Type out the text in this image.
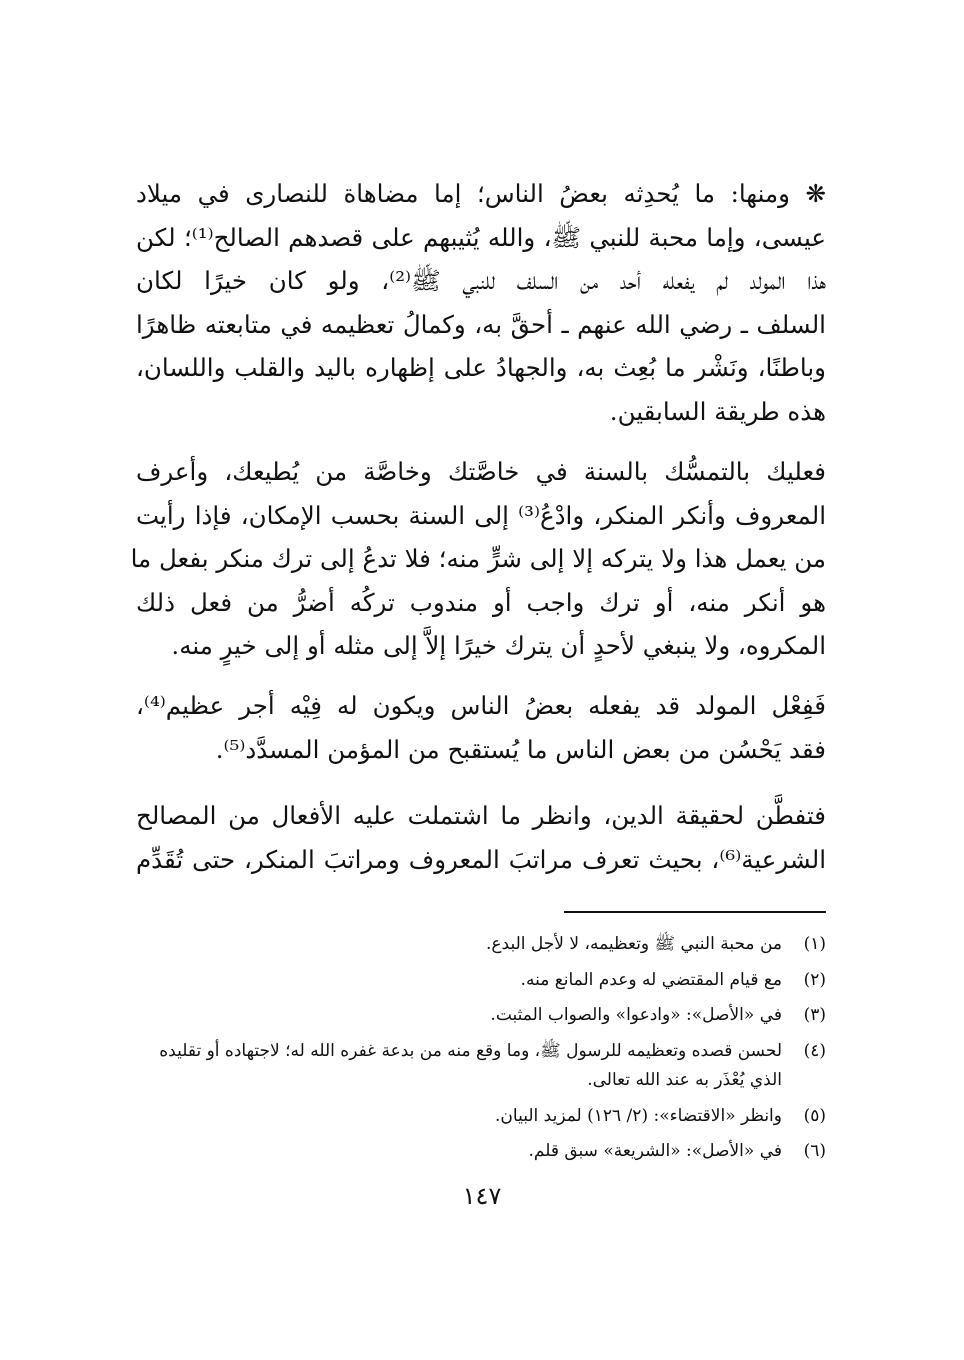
❋ ومنها: ما يُحدِثه بعضُ الناس؛ إما مضاهاة للنصارى في ميلاد
عيسى، وإما محبة للنبي ﷺ، والله يُثيبهم على قصدهم الصالح⁽¹⁾؛ لكن
هذا المولد لم يفعله أحد من السلف للنبي ﷺ⁽²⁾، ولو كان خيرًا لكان
السلف ـ رضي الله عنهم ـ أحقَّ به، وكمالُ تعظيمه في متابعته ظاهرًا
وباطنًا، ونَشْر ما بُعِث به، والجهادُ على إظهاره باليد والقلب واللسان،
هذه طريقة السابقين.

فعليك بالتمسُّك بالسنة في خاصَّتك وخاصَّة من يُطيعك، وأعرف
المعروف وأنكر المنكر، وادْعُ⁽³⁾ إلى السنة بحسب الإمكان، فإذا رأيت
من يعمل هذا ولا يتركه إلا إلى شرٍّ منه؛ فلا تدعُ إلى ترك منكر بفعل ما
هو أنكر منه، أو ترك واجب أو مندوب تركُه أضرُّ من فعل ذلك
المكروه، ولا ينبغي لأحدٍ أن يترك خيرًا إلاَّ إلى مثله أو إلى خيرٍ منه.

فَفِعْل المولد قد يفعله بعضُ الناس ويكون له فِيْه أجر عظيم⁽⁴⁾،
فقد يَحْسُن من بعض الناس ما يُستقبح من المؤمن المسدَّد⁽⁵⁾.

فتفطَّن لحقيقة الدين، وانظر ما اشتملت عليه الأفعال من المصالح
الشرعية⁽⁶⁾، بحيث تعرف مراتبَ المعروف ومراتبَ المنكر، حتى تُقَدِّم

(١)
من محبة النبي ﷺ وتعظيمه، لا لأجل البدع.
(٢)
مع قيام المقتضي له وعدم المانع منه.
(٣)
في «الأصل»: «وادعوا» والصواب المثبت.
(٤)
لحسن قصده وتعظيمه للرسول ﷺ، وما وقع منه من بدعة غفره الله له؛ لاجتهاده أو تقليده الذي يُعْذَر به عند الله تعالى.
(٥)
وانظر «الاقتضاء»: (٢/ ١٢٦) لمزيد البيان.
(٦)
في «الأصل»: «الشريعة» سبق قلم.
١٤٧
